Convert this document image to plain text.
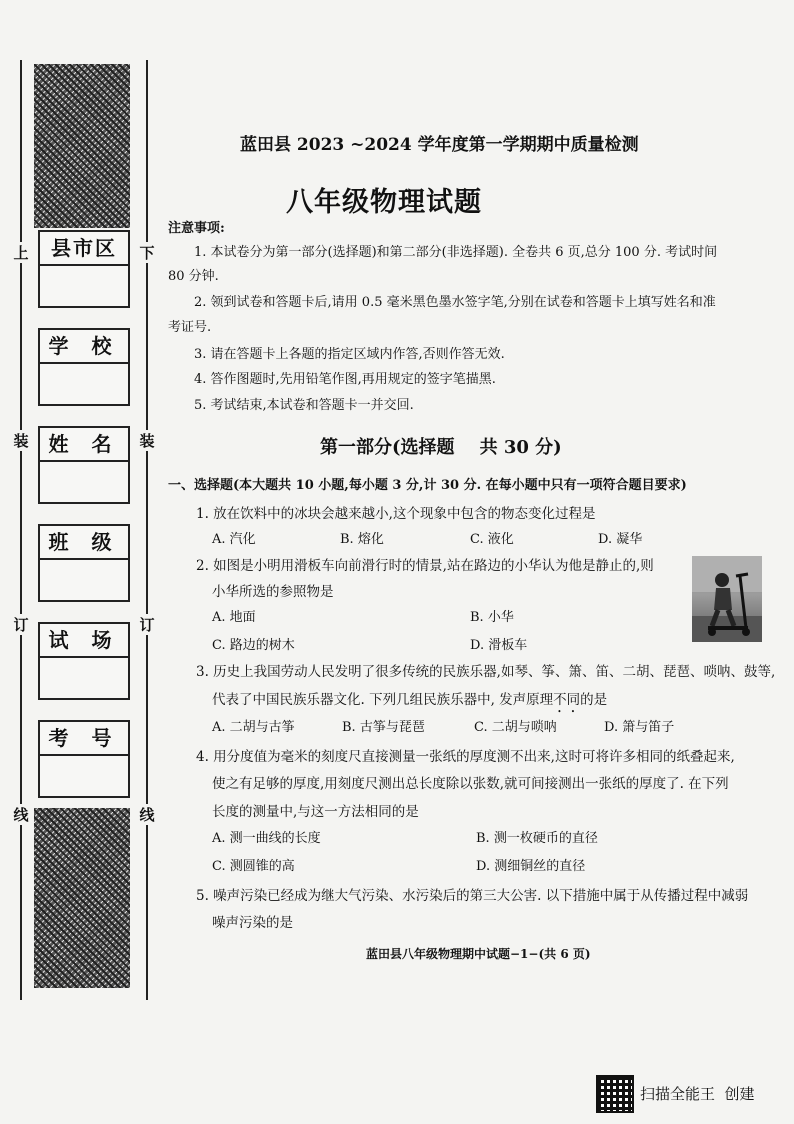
上
装
订
线
下
装
订
线
县市区
学 校
姓 名
班 级
试 场
考 号
蓝田县 2023 ~2024 学年度第一学期期中质量检测
八年级物理试题
注意事项:
1. 本试卷分为第一部分(选择题)和第二部分(非选择题). 全卷共 6 页,总分 100 分. 考试时间
80 分钟.
2. 领到试卷和答题卡后,请用 0.5 毫米黑色墨水签字笔,分别在试卷和答题卡上填写姓名和准
考证号.
3. 请在答题卡上各题的指定区域内作答,否则作答无效.
4. 答作图题时,先用铅笔作图,再用规定的签字笔描黑.
5. 考试结束,本试卷和答题卡一并交回.
第一部分(选择题    共 30 分)
一、选择题(本大题共 10 小题,每小题 3 分,计 30 分. 在每小题中只有一项符合题目要求)
1. 放在饮料中的冰块会越来越小,这个现象中包含的物态变化过程是
A. 汽化	B. 熔化	C. 液化	D. 凝华
2. 如图是小明用滑板车向前滑行时的情景,站在路边的小华认为他是静止的,则
小华所选的参照物是
A. 地面	B. 小华
C. 路边的树木	D. 滑板车
3. 历史上我国劳动人民发明了很多传统的民族乐器,如琴、筝、箫、笛、二胡、琵琶、唢呐、鼓等,
代表了中国民族乐器文化. 下列几组民族乐器中, 发声原理不同的是
A. 二胡与古筝	B. 古筝与琵琶	C. 二胡与唢呐	D. 箫与笛子
4. 用分度值为毫米的刻度尺直接测量一张纸的厚度测不出来,这时可将许多相同的纸叠起来,
使之有足够的厚度,用刻度尺测出总长度除以张数,就可间接测出一张纸的厚度了. 在下列
长度的测量中,与这一方法相同的是
A. 测一曲线的长度	B. 测一枚硬币的直径
C. 测圆锥的高	D. 测细铜丝的直径
5. 噪声污染已经成为继大气污染、水污染后的第三大公害. 以下措施中属于从传播过程中减弱
噪声污染的是
蓝田县八年级物理期中试题−1−(共 6 页)
扫描全能王  创建
